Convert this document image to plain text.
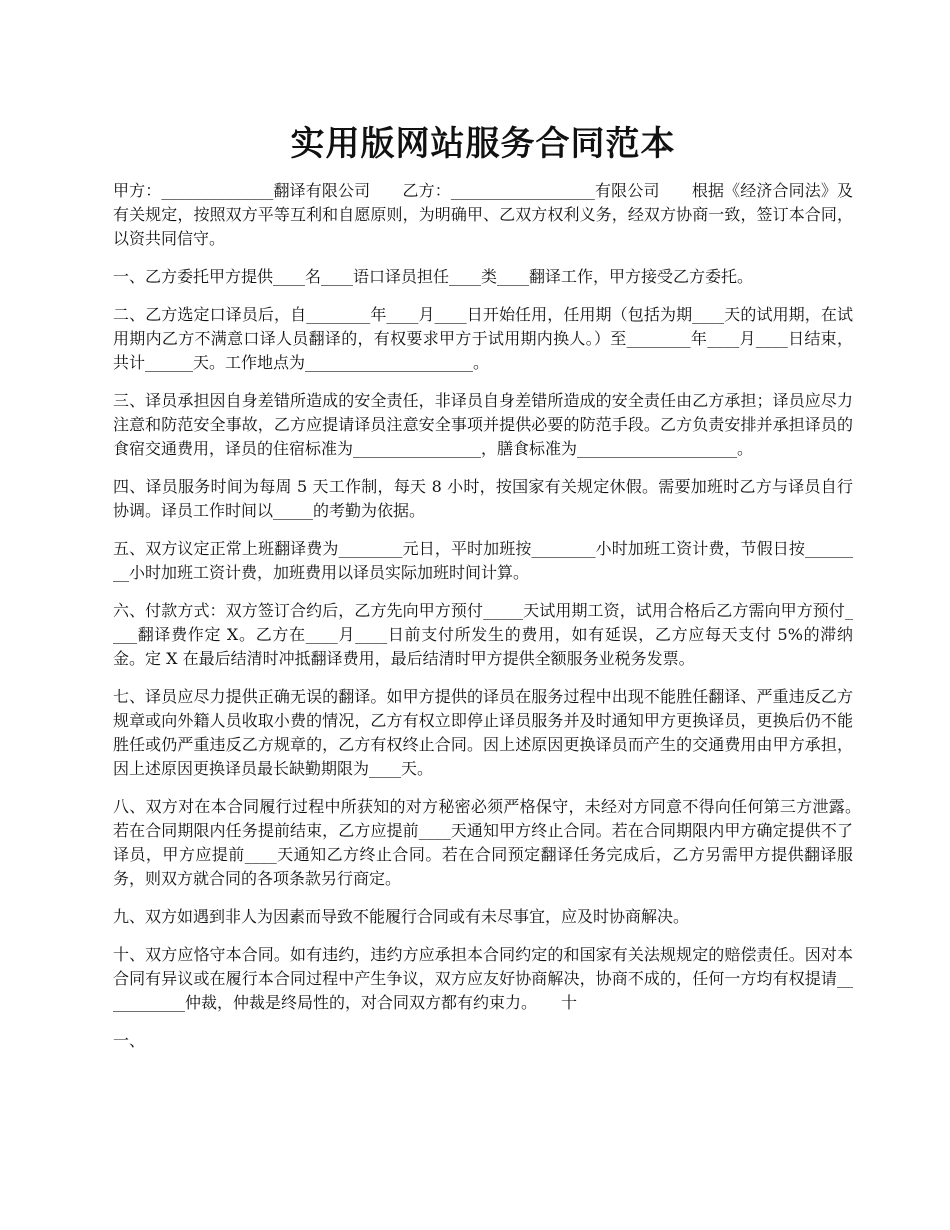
实用版网站服务合同范本

甲方：______________翻译有限公司　　乙方：__________________有限公司　　根据《经济合同法》及有关规定，按照双方平等互利和自愿原则，为明确甲、乙双方权利义务，经双方协商一致，签订本合同，以资共同信守。

一、乙方委托甲方提供____名____语口译员担任____类____翻译工作，甲方接受乙方委托。

二、乙方选定口译员后，自________年____月____日开始任用，任用期（包括为期____天的试用期，在试用期内乙方不满意口译人员翻译的，有权要求甲方于试用期内换人。）至________年____月____日结束，共计______天。工作地点为_____________________。

三、译员承担因自身差错所造成的安全责任，非译员自身差错所造成的安全责任由乙方承担；译员应尽力注意和防范安全事故，乙方应提请译员注意安全事项并提供必要的防范手段。乙方负责安排并承担译员的食宿交通费用，译员的住宿标准为________________，膳食标准为____________________。

四、译员服务时间为每周 5 天工作制，每天 8 小时，按国家有关规定休假。需要加班时乙方与译员自行协调。译员工作时间以_____的考勤为依据。

五、双方议定正常上班翻译费为________元日，平时加班按________小时加班工资计费，节假日按________小时加班工资计费，加班费用以译员实际加班时间计算。

六、付款方式：双方签订合约后，乙方先向甲方预付_____天试用期工资，试用合格后乙方需向甲方预付____翻译费作定 X。乙方在____月____日前支付所发生的费用，如有延误，乙方应每天支付 5%的滞纳金。定 X 在最后结清时冲抵翻译费用，最后结清时甲方提供全额服务业税务发票。

七、译员应尽力提供正确无误的翻译。如甲方提供的译员在服务过程中出现不能胜任翻译、严重违反乙方规章或向外籍人员收取小费的情况，乙方有权立即停止译员服务并及时通知甲方更换译员，更换后仍不能胜任或仍严重违反乙方规章的，乙方有权终止合同。因上述原因更换译员而产生的交通费用由甲方承担，因上述原因更换译员最长缺勤期限为____天。

八、双方对在本合同履行过程中所获知的对方秘密必须严格保守，未经对方同意不得向任何第三方泄露。　　若在合同期限内任务提前结束，乙方应提前____天通知甲方终止合同。若在合同期限内甲方确定提供不了译员，甲方应提前____天通知乙方终止合同。若在合同预定翻译任务完成后，乙方另需甲方提供翻译服务，则双方就合同的各项条款另行商定。

九、双方如遇到非人为因素而导致不能履行合同或有未尽事宜，应及时协商解决。

十、双方应恪守本合同。如有违约，违约方应承担本合同约定的和国家有关法规规定的赔偿责任。因对本合同有异议或在履行本合同过程中产生争议，双方应友好协商解决，协商不成的，任何一方均有权提请___________仲裁，仲裁是终局性的，对合同双方都有约束力。　　十

一、
